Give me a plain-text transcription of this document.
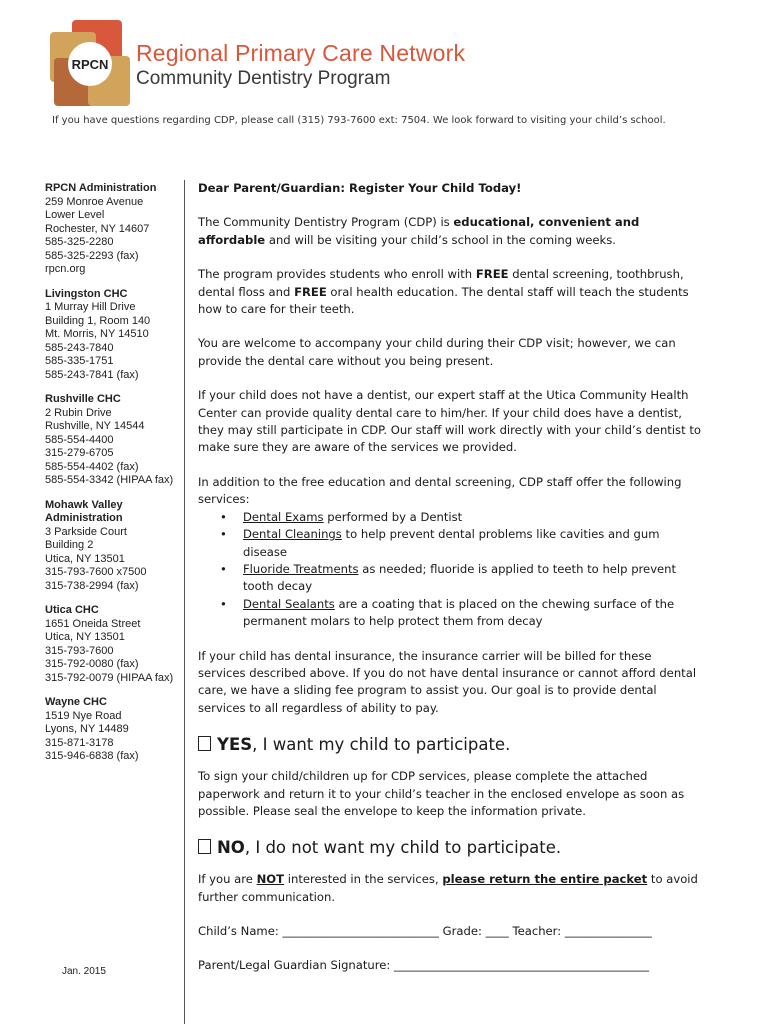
RPCN Regional Primary Care Network
Community Dentistry Program
If you have questions regarding CDP, please call (315) 793-7600 ext: 7504. We look forward to visiting your child’s school.
RPCN Administration
259 Monroe Avenue
Lower Level
Rochester, NY 14607
585-325-2280
585-325-2293 (fax)
rpcn.org
Livingston CHC
1 Murray Hill Drive
Building 1, Room 140
Mt. Morris, NY 14510
585-243-7840
585-335-1751
585-243-7841 (fax)
Rushville CHC
2 Rubin Drive
Rushville, NY 14544
585-554-4400
315-279-6705
585-554-4402 (fax)
585-554-3342 (HIPAA fax)
Mohawk Valley Administration
3 Parkside Court
Building 2
Utica, NY 13501
315-793-7600 x7500
315-738-2994 (fax)
Utica CHC
1651 Oneida Street
Utica, NY 13501
315-793-7600
315-792-0080 (fax)
315-792-0079 (HIPAA fax)
Wayne CHC
1519 Nye Road
Lyons, NY 14489
315-871-3178
315-946-6838 (fax)
Jan. 2015

Dear Parent/Guardian: Register Your Child Today!

The Community Dentistry Program (CDP) is educational, convenient and affordable and will be visiting your child’s school in the coming weeks.

The program provides students who enroll with FREE dental screening, toothbrush, dental floss and FREE oral health education. The dental staff will teach the students how to care for their teeth.

You are welcome to accompany your child during their CDP visit; however, we can provide the dental care without you being present.

If your child does not have a dentist, our expert staff at the Utica Community Health Center can provide quality dental care to him/her. If your child does have a dentist, they may still participate in CDP. Our staff will work directly with your child’s dentist to make sure they are aware of the services we provided.

In addition to the free education and dental screening, CDP staff offer the following services:

• Dental Exams performed by a Dentist
• Dental Cleanings to help prevent dental problems like cavities and gum disease
• Fluoride Treatments as needed; fluoride is applied to teeth to help prevent tooth decay
• Dental Sealants are a coating that is placed on the chewing surface of the permanent molars to help protect them from decay

If your child has dental insurance, the insurance carrier will be billed for these services described above. If you do not have dental insurance or cannot afford dental care, we have a sliding fee program to assist you. Our goal is to provide dental services to all regardless of ability to pay.

YES, I want my child to participate.

To sign your child/children up for CDP services, please complete the attached paperwork and return it to your child’s teacher in the enclosed envelope as soon as possible. Please seal the envelope to keep the information private.

NO, I do not want my child to participate.

If you are NOT interested in the services, please return the entire packet to avoid further communication.

Child’s Name: ___________________________ Grade: ____ Teacher: _______________
Parent/Legal Guardian Signature: ____________________________________________
